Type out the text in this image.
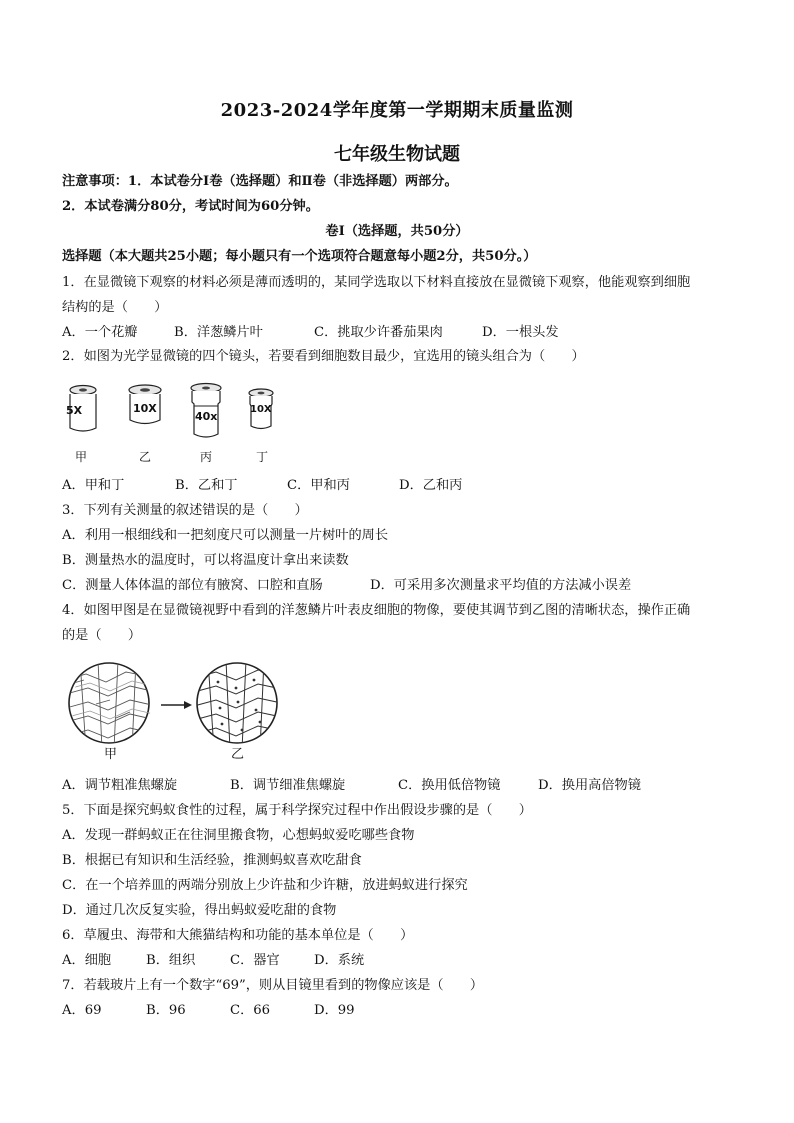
2023-2024学年度第一学期期末质量监测
七年级生物试题
注意事项：1．本试卷分Ⅰ卷（选择题）和Ⅱ卷（非选择题）两部分。
2．本试卷满分80分，考试时间为60分钟。
卷Ⅰ（选择题，共50分）
选择题（本大题共25小题；每小题只有一个选项符合题意每小题2分，共50分。）
1．在显微镜下观察的材料必须是薄而透明的，某同学选取以下材料直接放在显微镜下观察，他能观察到细胞
结构的是（　　）
A．一个花瓣	B．洋葱鳞片叶	C．挑取少许番茄果肉	D．一根头发
2．如图为光学显微镜的四个镜头，若要看到细胞数目最少，宜选用的镜头组合为（　　）
5X	10X
40x
10X
甲	乙	丙	丁
A．甲和丁	B．乙和丁	C．甲和丙	D．乙和丙
3．下列有关测量的叙述错误的是（　　）
A．利用一根细线和一把刻度尺可以测量一片树叶的周长
B．测量热水的温度时，可以将温度计拿出来读数
C．测量人体体温的部位有腋窝、口腔和直肠	D．可采用多次测量求平均值的方法减小误差
4．如图甲图是在显微镜视野中看到的洋葱鳞片叶表皮细胞的物像，要使其调节到乙图的清晰状态，操作正确
的是（　　）
甲	乙
A．调节粗准焦螺旋	B．调节细准焦螺旋	C．换用低倍物镜	D．换用高倍物镜
5．下面是探究蚂蚁食性的过程，属于科学探究过程中作出假设步骤的是（　　）
A．发现一群蚂蚁正在往洞里搬食物，心想蚂蚁爱吃哪些食物
B．根据已有知识和生活经验，推测蚂蚁喜欢吃甜食
C．在一个培养皿的两端分别放上少许盐和少许糖，放进蚂蚁进行探究
D．通过几次反复实验，得出蚂蚁爱吃甜的食物
6．草履虫、海带和大熊猫结构和功能的基本单位是（　　）
A．细胞	B．组织	C．器官	D．系统
7．若载玻片上有一个数字“69”，则从目镜里看到的物像应该是（　　）
A．69	B．96	C．66	D．99
